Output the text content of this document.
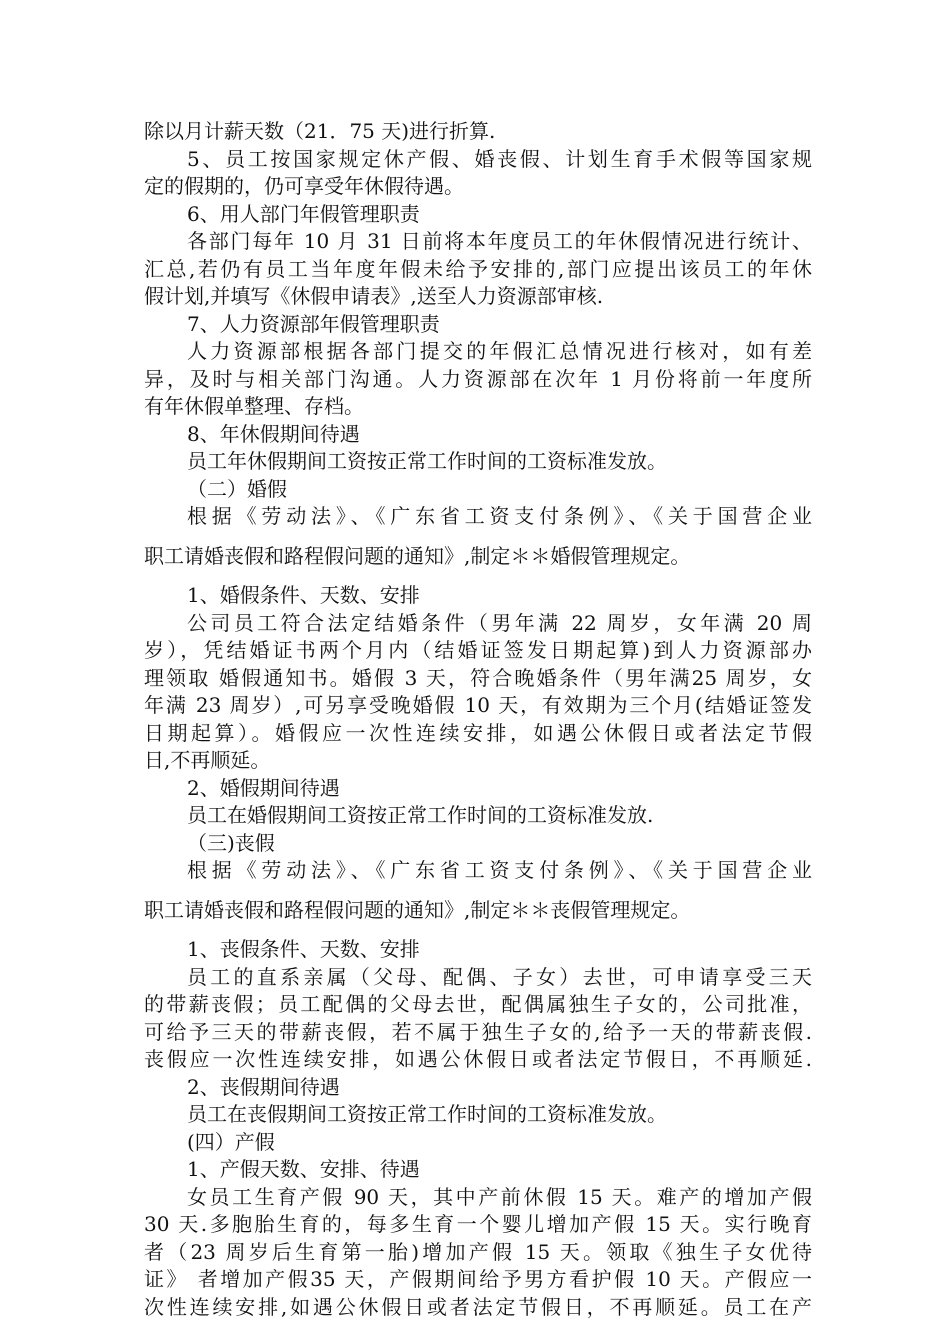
除以月计薪天数（21．75 天)进行折算.
5、员工按国家规定休产假、婚丧假、计划生育手术假等国家规
定的假期的，仍可享受年休假待遇。
6、用人部门年假管理职责
各部门每年 10 月 31 日前将本年度员工的年休假情况进行统计、
汇总,若仍有员工当年度年假未给予安排的,部门应提出该员工的年休
假计划,并填写《休假申请表》,送至人力资源部审核.
7、人力资源部年假管理职责
人力资源部根据各部门提交的年假汇总情况进行核对，如有差
异，及时与相关部门沟通。人力资源部在次年 1 月份将前一年度所
有年休假单整理、存档。
8、年休假期间待遇
员工年休假期间工资按正常工作时间的工资标准发放。
（二）婚假
根据《劳动法》、《广东省工资支付条例》、《关于国营企业
职工请婚丧假和路程假问题的通知》,制定＊＊婚假管理规定。
1、婚假条件、天数、安排
公司员工符合法定结婚条件（男年满 22 周岁，女年满 20 周
岁），凭结婚证书两个月内（结婚证签发日期起算)到人力资源部办
理领取 婚假通知书。婚假 3 天，符合晚婚条件（男年满25 周岁，女
年满 23 周岁）,可另享受晚婚假 10 天，有效期为三个月(结婚证签发
日期起算）。婚假应一次性连续安排，如遇公休假日或者法定节假
日,不再顺延。
2、婚假期间待遇
员工在婚假期间工资按正常工作时间的工资标准发放.
（三)丧假
根据《劳动法》、《广东省工资支付条例》、《关于国营企业
职工请婚丧假和路程假问题的通知》,制定＊＊丧假管理规定。
1、丧假条件、天数、安排
员工的直系亲属（父母、配偶、子女）去世，可申请享受三天
的带薪丧假；员工配偶的父母去世，配偶属独生子女的，公司批准，
可给予三天的带薪丧假，若不属于独生子女的,给予一天的带薪丧假.
丧假应一次性连续安排，如遇公休假日或者法定节假日，不再顺延.
2、丧假期间待遇
员工在丧假期间工资按正常工作时间的工资标准发放。
(四）产假
1、产假天数、安排、待遇
女员工生育产假 90 天，其中产前休假 15 天。难产的增加产假
30 天.多胞胎生育的，每多生育一个婴儿增加产假 15 天。实行晚育
者（23 周岁后生育第一胎)增加产假 15 天。领取《独生子女优待
证》 者增加产假35 天，产假期间给予男方看护假 10 天。产假应一
次性连续安排,如遇公休假日或者法定节假日，不再顺延。员工在产
